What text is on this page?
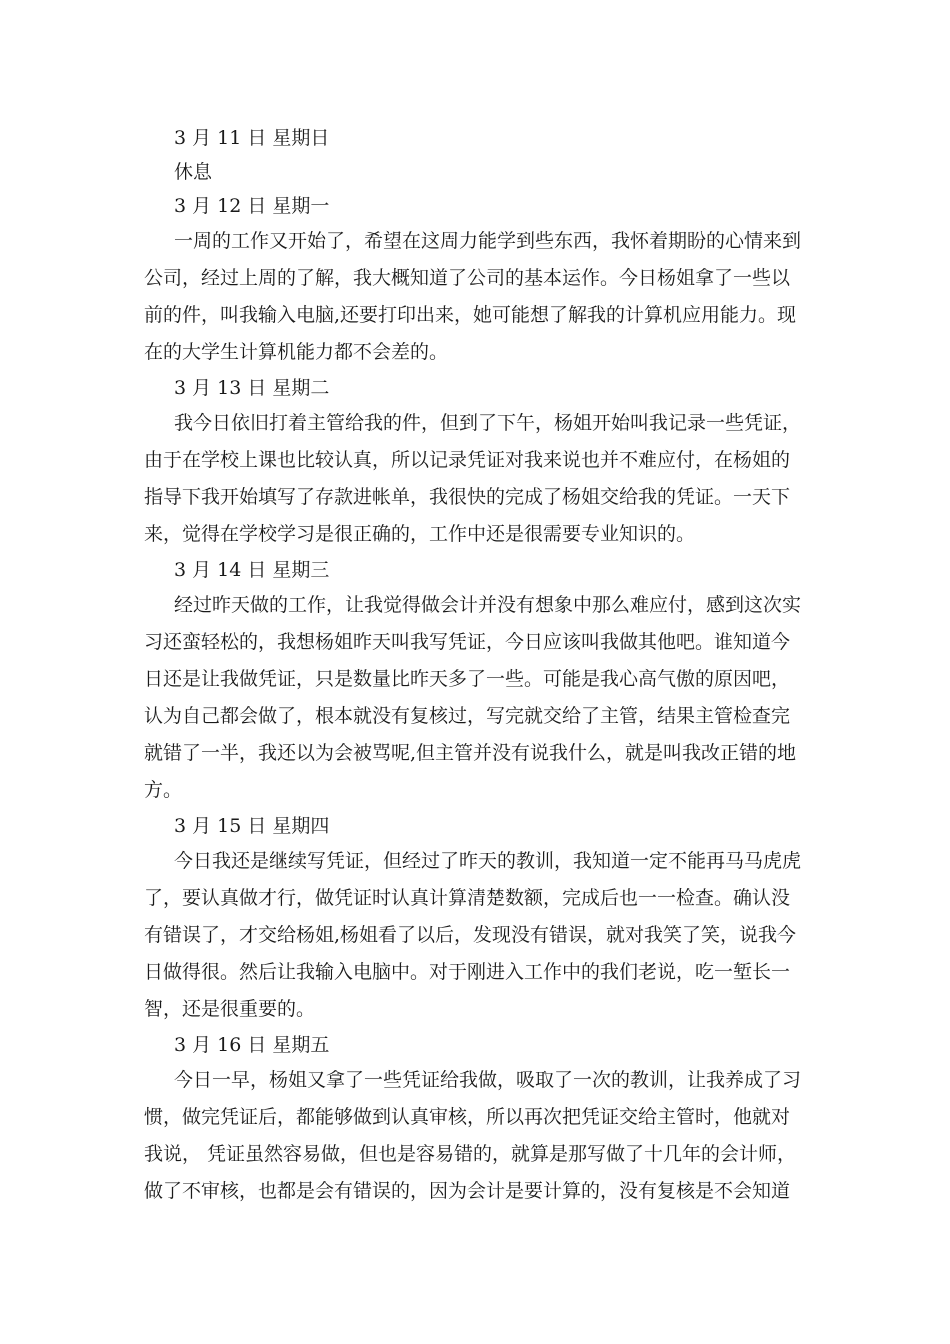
3 月 11 日 星期日

休息

3 月 12 日 星期一

一周的工作又开始了，希望在这周力能学到些东西，我怀着期盼的心情来到
公司，经过上周的了解，我大概知道了公司的基本运作。今日杨姐拿了一些以
前的件，叫我输入电脑,还要打印出来，她可能想了解我的计算机应用能力。现
在的大学生计算机能力都不会差的。

3 月 13 日 星期二

我今日依旧打着主管给我的件，但到了下午，杨姐开始叫我记录一些凭证，
由于在学校上课也比较认真，所以记录凭证对我来说也并不难应付，在杨姐的
指导下我开始填写了存款进帐单，我很快的完成了杨姐交给我的凭证。一天下
来，觉得在学校学习是很正确的，工作中还是很需要专业知识的。

3 月 14 日 星期三

经过昨天做的工作，让我觉得做会计并没有想象中那么难应付，感到这次实
习还蛮轻松的，我想杨姐昨天叫我写凭证，今日应该叫我做其他吧。谁知道今
日还是让我做凭证，只是数量比昨天多了一些。可能是我心高气傲的原因吧，
认为自己都会做了，根本就没有复核过，写完就交给了主管，结果主管检查完
就错了一半，我还以为会被骂呢,但主管并没有说我什么，就是叫我改正错的地
方。

3 月 15 日 星期四

今日我还是继续写凭证，但经过了昨天的教训，我知道一定不能再马马虎虎
了，要认真做才行，做凭证时认真计算清楚数额，完成后也一一检查。确认没
有错误了，才交给杨姐,杨姐看了以后，发现没有错误，就对我笑了笑，说我今
日做得很。然后让我输入电脑中。对于刚进入工作中的我们老说，吃一堑长一
智，还是很重要的。

3 月 16 日 星期五

今日一早，杨姐又拿了一些凭证给我做，吸取了一次的教训，让我养成了习
惯，做完凭证后，都能够做到认真审核，所以再次把凭证交给主管时，他就对
我说， 凭证虽然容易做，但也是容易错的，就算是那写做了十几年的会计师，
做了不审核，也都是会有错误的，因为会计是要计算的，没有复核是不会知道
